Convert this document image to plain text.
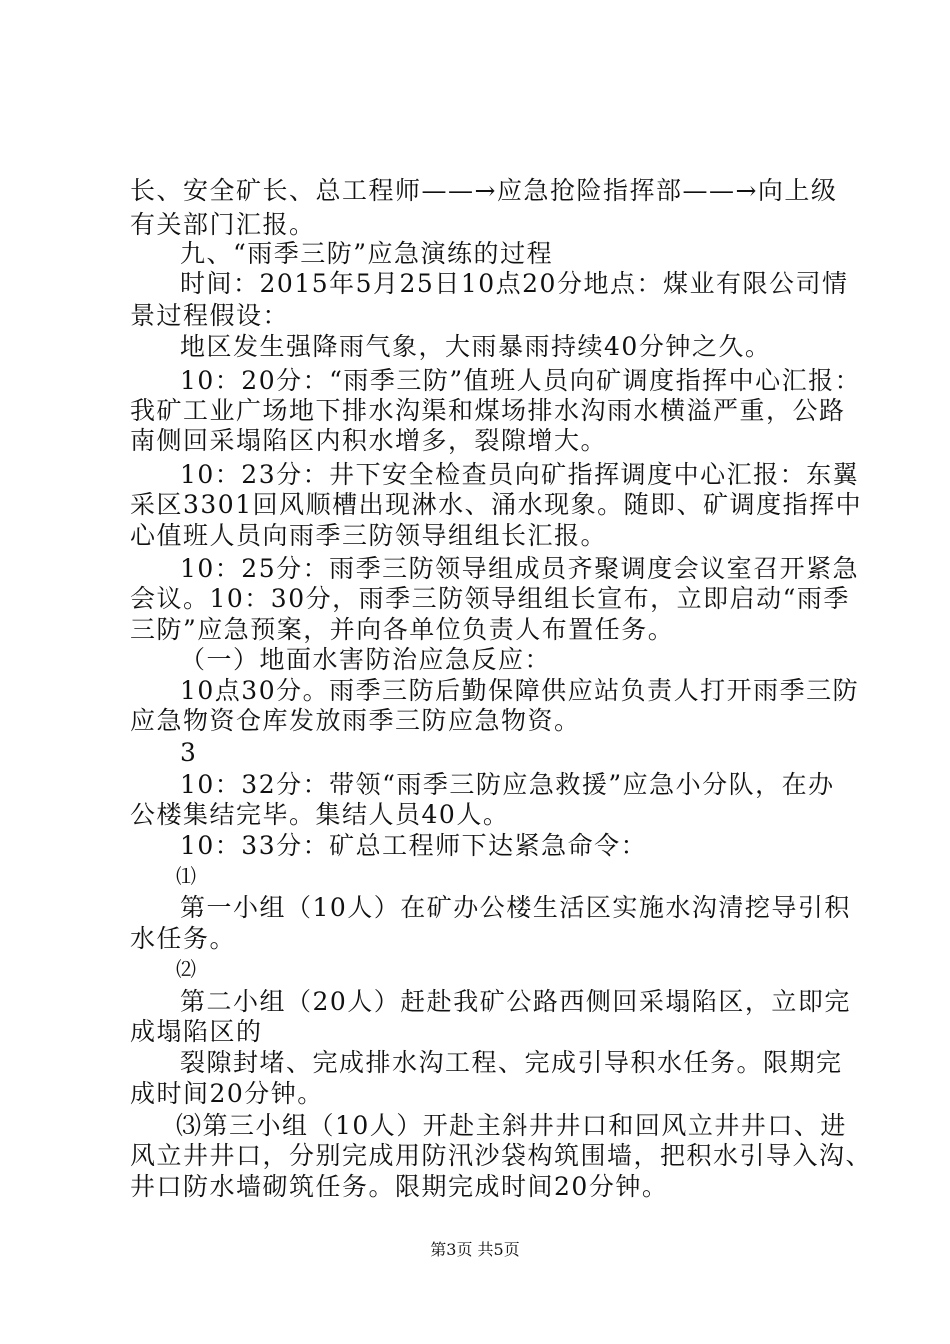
长、安全矿长、总工程师——→应急抢险指挥部——→向上级
有关部门汇报。
九、“雨季三防”应急演练的过程
时间：2015年5月25日10点20分地点：煤业有限公司情
景过程假设：
地区发生强降雨气象，大雨暴雨持续40分钟之久。
10：20分：“雨季三防”值班人员向矿调度指挥中心汇报：
我矿工业广场地下排水沟渠和煤场排水沟雨水横溢严重，公路
南侧回采塌陷区内积水增多，裂隙增大。
10：23分：井下安全检查员向矿指挥调度中心汇报：东翼
采区3301回风顺槽出现淋水、涌水现象。随即、矿调度指挥中
心值班人员向雨季三防领导组组长汇报。
10：25分：雨季三防领导组成员齐聚调度会议室召开紧急
会议。10：30分，雨季三防领导组组长宣布，立即启动“雨季
三防”应急预案，并向各单位负责人布置任务。
（一）地面水害防治应急反应：
10点30分。雨季三防后勤保障供应站负责人打开雨季三防
应急物资仓库发放雨季三防应急物资。
3
10：32分：带领“雨季三防应急救援”应急小分队，在办
公楼集结完毕。集结人员40人。
10：33分：矿总工程师下达紧急命令：
⑴
第一小组（10人）在矿办公楼生活区实施水沟清挖导引积
水任务。
⑵
第二小组（20人）赶赴我矿公路西侧回采塌陷区，立即完
成塌陷区的
裂隙封堵、完成排水沟工程、完成引导积水任务。限期完
成时间20分钟。
⑶第三小组（10人）开赴主斜井井口和回风立井井口、进
风立井井口，分别完成用防汛沙袋构筑围墙，把积水引导入沟、
井口防水墙砌筑任务。限期完成时间20分钟。
第3页 共5页
